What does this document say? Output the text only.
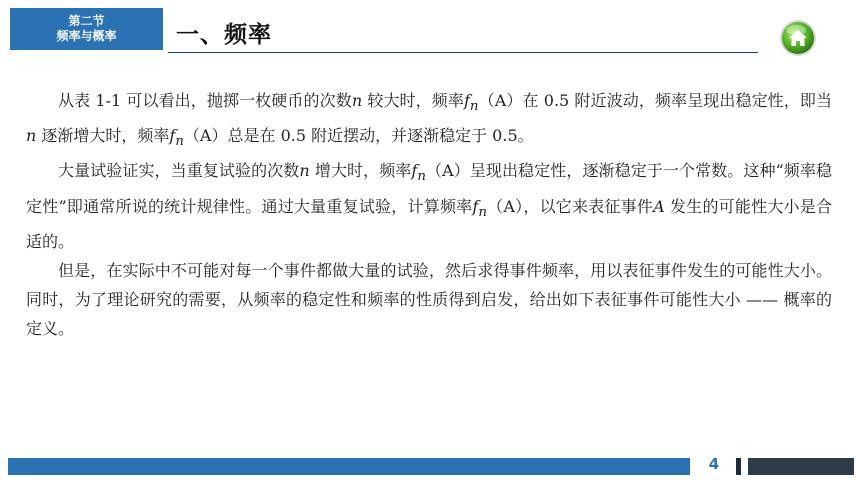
第二节
频率与概率	一、频率

从表 1-1 可以看出，抛掷一枚硬币的次数n 较大时，频率$f_n(A)$在 0.5 附近波动，频率呈现出稳定性，即当n 逐渐增大时，频率$f_n(A)$总是在 0.5 附近摆动，并逐渐稳定于 0.5。

大量试验证实，当重复试验的次数n 增大时，频率$f_n(A)$呈现出稳定性，逐渐稳定于一个常数。这种“频率稳定性”即通常所说的统计规律性。通过大量重复试验，计算频率$f_n(A)$，以它来表征事件A 发生的可能性大小是合适的。

但是，在实际中不可能对每一个事件都做大量的试验，然后求得事件频率，用以表征事件发生的可能性大小。同时，为了理论研究的需要，从频率的稳定性和频率的性质得到启发，给出如下表征事件可能性大小 —— 概率的定义。

4
